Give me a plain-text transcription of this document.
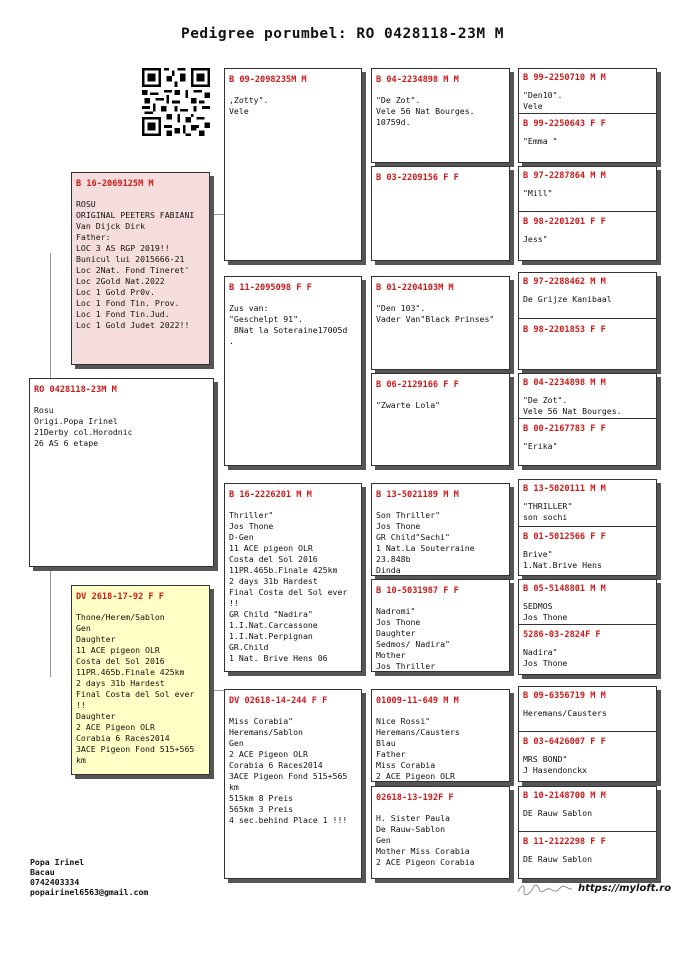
Pedigree porumbel: RO 0428118-23M M
RO 0428118-23M M
Rosu
Origi.Popa Irinel
21Derby col.Horodnic
26 AS 6 etape
B 16-2069125M M
ROSU
ORIGINAL PEETERS FABIANI
Van Dijck Dirk
Father:
LOC 3 AS RGP 2019!!
Bunicul lui 2015666-21
Loc 2Nat. Fond Tineret'
Loc 2Gold Nat.2022
Loc 1 Gold Pr0v.
Loc 1 Fond Tin. Prov.
Loc 1 Fond Tin.Jud.
Loc 1 Gold Judet 2022!!
DV 2618-17-92 F F
Thone/Herem/Sablon
Gen
Daughter
11 ACE pigeon OLR
Costa del Sol 2016
11PR.465b.Finale 425km
2 days 31b Hardest
Final Costa del Sol ever
!!
Daughter
2 ACE Pigeon OLR
Corabia 6 Races2014
3ACE Pigeon Fond 515+565
km
B 09-2098235M M
,Zotty".
Vele
B 11-2095098 F F
Zus van:
"Geschelpt 91".
8Nat la Soteraine17005d
.
B 16-2226201 M M
Thriller"
Jos Thone
D-Gen
11 ACE pigeon OLR
Costa del Sol 2016
11PR.465b.Finale 425km
2 days 31b Hardest
Final Costa del Sol ever
!!
GR Child "Nadira"
1.I.Nat.Carcassone
1.I.Nat.Perpignan
GR.Child
1 Nat. Brive Hens 06
DV 02618-14-244 F F
Miss Corabia"
Heremans/Sablon
Gen
2 ACE Pigeon OLR
Corabia 6 Races2014
3ACE Pigeon Fond 515+565
km
515km 8 Preis
565km 3 Preis
4 sec.behind Place 1 !!!
B 04-2234898 M M
"De Zot".
Vele 56 Nat Bourges.
10759d.
B 03-2209156 F F
B 01-2204103M M
"Den 103".
Vader Van"Black Prinses"
B 06-2129166 F F
"Zwarte Lola"
B 13-5021189 M M
Son Thriller"
Jos Thone
GR Child"Sachi"
1 Nat.La Souterraine
23.848b
Dinda
B 10-5031987 F F
Nadromi"
Jos Thone
Daughter
Sedmos/ Nadira"
Mother
Jos Thriller
01009-11-649 M M
Nice Rossi"
Heremans/Causters
Blau
Father
Miss Corabia
2 ACE Pigeon OLR
02618-13-192F F
H. Sister Paula
De Rauw-Sablon
Gen
Mother Miss Corabia
2 ACE Pigeon Corabia
B 99-2250710 M M
"Den10".
Vele
B 99-2250643 F F
"Emma "
B 97-2287864 M M
"Mill"
B 98-2201201 F F
Jess"
B 97-2288462 M M
De Grijze Kanibaal
B 98-2201853 F F
B 04-2234898 M M
"De Zot".
Vele 56 Nat Bourges.
B 00-2167783 F F
"Erika"
B 13-5020111 M M
"THRILLER"
son sochi
B 01-5012566 F F
Brive"
1.Nat.Brive Hens
B 05-5148801 M M
SEDMOS
Jos Thone
5286-03-2824F F
Nadira"
Jos Thone
B 09-6356719 M M
Heremans/Causters
B 03-6426007 F F
MRS BOND"
J Hasendonckx
B 10-2148700 M M
DE Rauw Sablon
B 11-2122298 F F
DE Rauw Sablon
Popa Irinel
Bacau
0742403334
popairinel6563@gmail.com	https://myloft.ro
